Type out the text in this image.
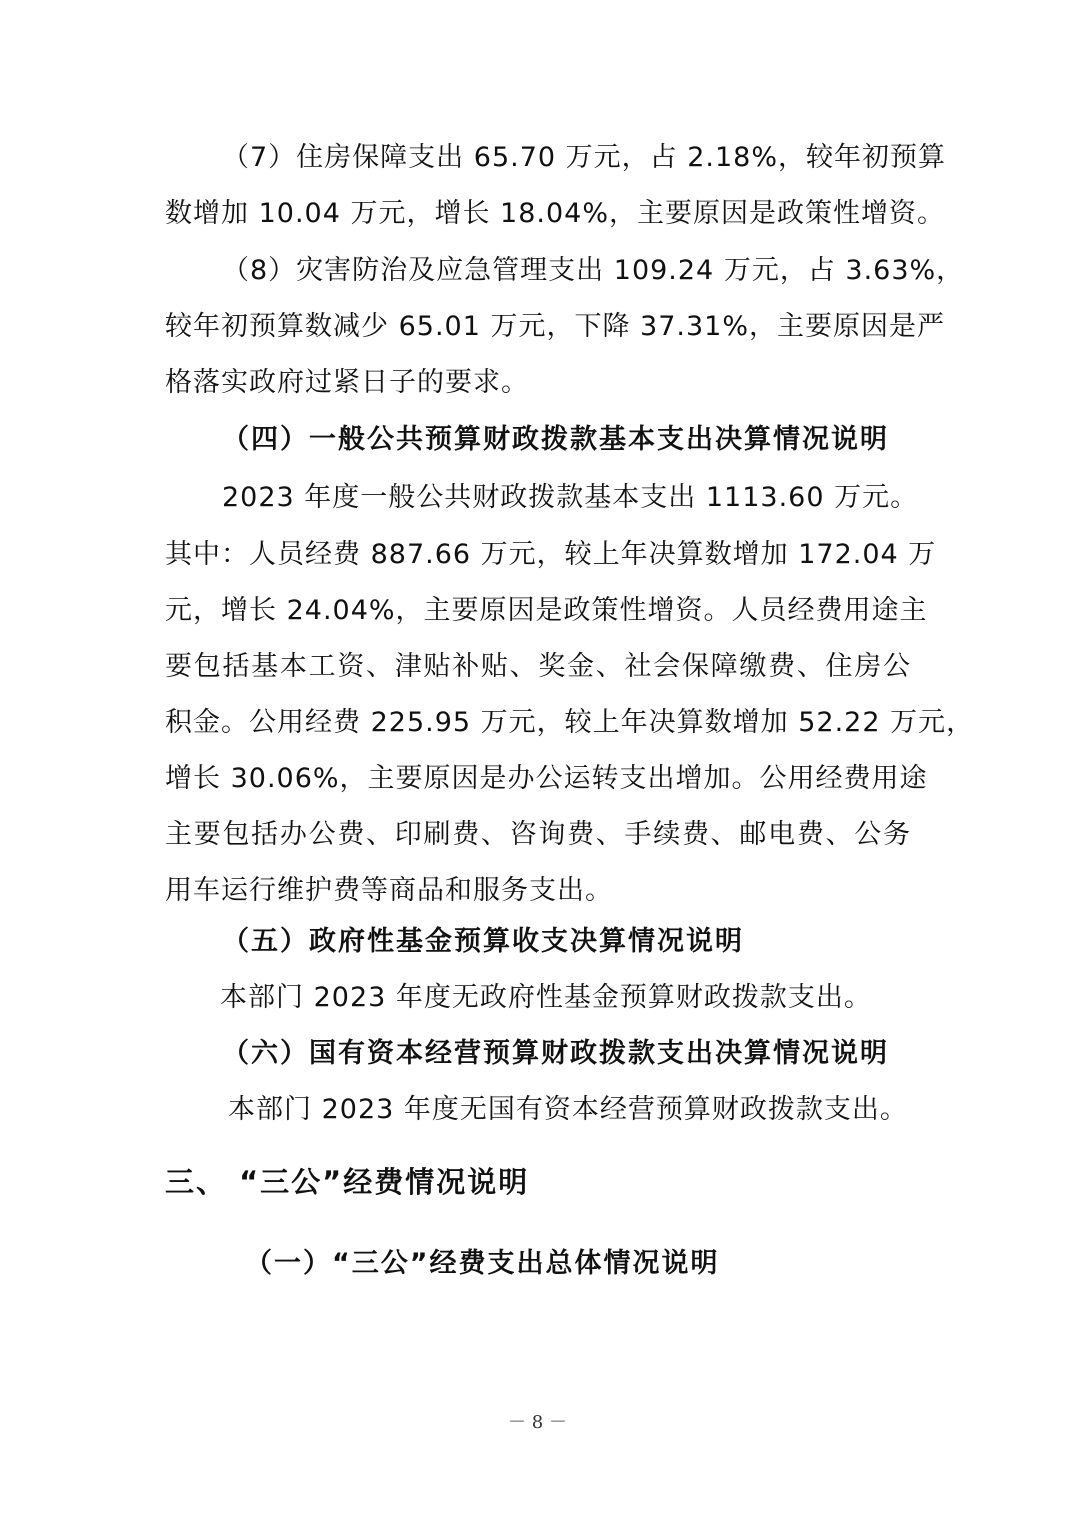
（7）住房保障支出 65.70 万元，占 2.18%，较年初预算
数增加 10.04 万元，增长 18.04%，主要原因是政策性增资。
（8）灾害防治及应急管理支出 109.24 万元，占 3.63%，
较年初预算数减少 65.01 万元，下降 37.31%，主要原因是严
格落实政府过紧日子的要求。
（四）一般公共预算财政拨款基本支出决算情况说明
2023 年度一般公共财政拨款基本支出 1113.60 万元。
其中：人员经费 887.66 万元，较上年决算数增加 172.04 万
元，增长 24.04%，主要原因是政策性增资。人员经费用途主
要包括基本工资、津贴补贴、奖金、社会保障缴费、住房公
积金。公用经费 225.95 万元，较上年决算数增加 52.22 万元，
增长 30.06%，主要原因是办公运转支出增加。公用经费用途
主要包括办公费、印刷费、咨询费、手续费、邮电费、公务
用车运行维护费等商品和服务支出。
（五）政府性基金预算收支决算情况说明
本部门 2023 年度无政府性基金预算财政拨款支出。
（六）国有资本经营预算财政拨款支出决算情况说明
本部门 2023 年度无国有资本经营预算财政拨款支出。
三、 “三公”经费情况说明
（一）“三公”经费支出总体情况说明
－ 8 －
